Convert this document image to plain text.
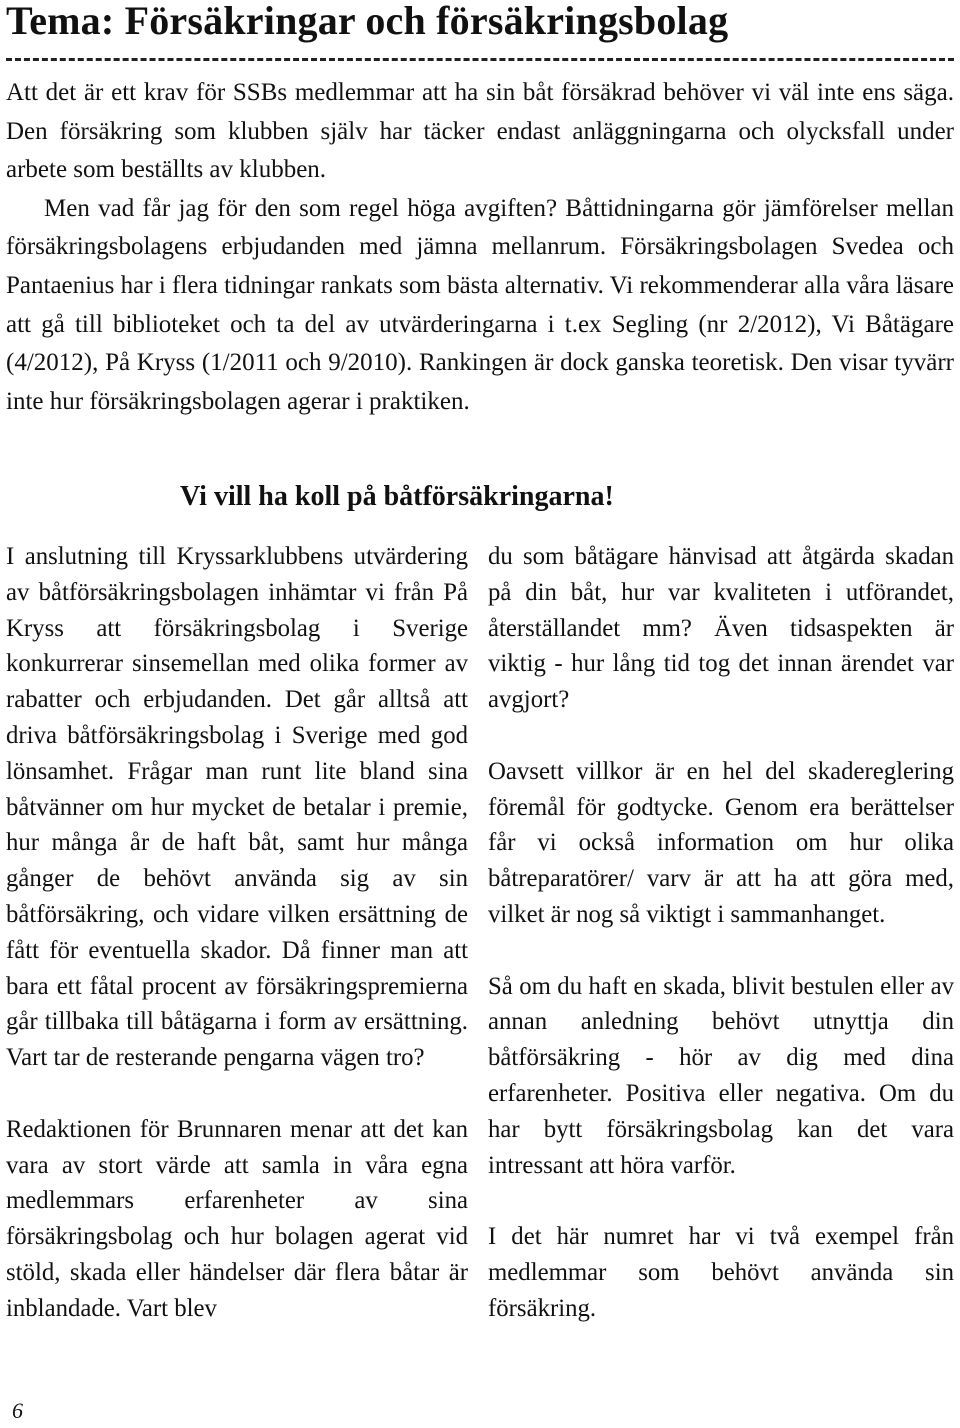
Tema: Försäkringar och försäkringsbolag

Att det är ett krav för SSBs medlemmar att ha sin båt försäkrad behöver vi väl inte ens säga. Den försäkring som klubben själv har täcker endast anläggningarna och olycksfall under arbete som beställts av klubben.

Men vad får jag för den som regel höga avgiften? Båttidningarna gör jämförelser mellan försäkringsbolagens erbjudanden med jämna mellanrum. Försäkringsbolagen Svedea och Pantaenius har i flera tidningar rankats som bästa alternativ. Vi rekommenderar alla våra läsare att gå till biblioteket och ta del av utvärderingarna i t.ex Segling (nr 2/2012), Vi Båtägare (4/2012), På Kryss (1/2011 och 9/2010). Rankingen är dock ganska teoretisk. Den visar tyvärr inte hur försäkringsbolagen agerar i praktiken.

Vi vill ha koll på båtförsäkringarna!

I anslutning till Kryssarklubbens utvärdering av båtförsäkringsbolagen inhämtar vi från På Kryss att försäkringsbolag i Sverige konkurrerar sinsemellan med olika former av rabatter och erbjudanden. Det går alltså att driva båtförsäkringsbolag i Sverige med god lönsamhet. Frågar man runt lite bland sina båtvänner om hur mycket de betalar i premie, hur många år de haft båt, samt hur många gånger de behövt använda sig av sin båtförsäkring, och vidare vilken ersättning de fått för eventuella skador. Då finner man att bara ett fåtal procent av försäkringspremierna går tillbaka till båtägarna i form av ersättning. Vart tar de resterande pengarna vägen tro?

Redaktionen för Brunnaren menar att det kan vara av stort värde att samla in våra egna medlemmars erfarenheter av sina försäkringsbolag och hur bolagen agerat vid stöld, skada eller händelser där flera båtar är inblandade. Vart blev

du som båtägare hänvisad att åtgärda skadan på din båt, hur var kvaliteten i utförandet, återställandet mm? Även tidsaspekten är viktig - hur lång tid tog det innan ärendet var avgjort?

Oavsett villkor är en hel del skadereglering föremål för godtycke. Genom era berättelser får vi också information om hur olika båtreparatörer/ varv är att ha att göra med, vilket är nog så viktigt i sammanhanget.

Så om du haft en skada, blivit bestulen eller av annan anledning behövt utnyttja din båtförsäkring - hör av dig med dina erfarenheter. Positiva eller negativa. Om du har bytt försäkringsbolag kan det vara intressant att höra varför.

I det här numret har vi två exempel från medlemmar som behövt använda sin försäkring.

6
